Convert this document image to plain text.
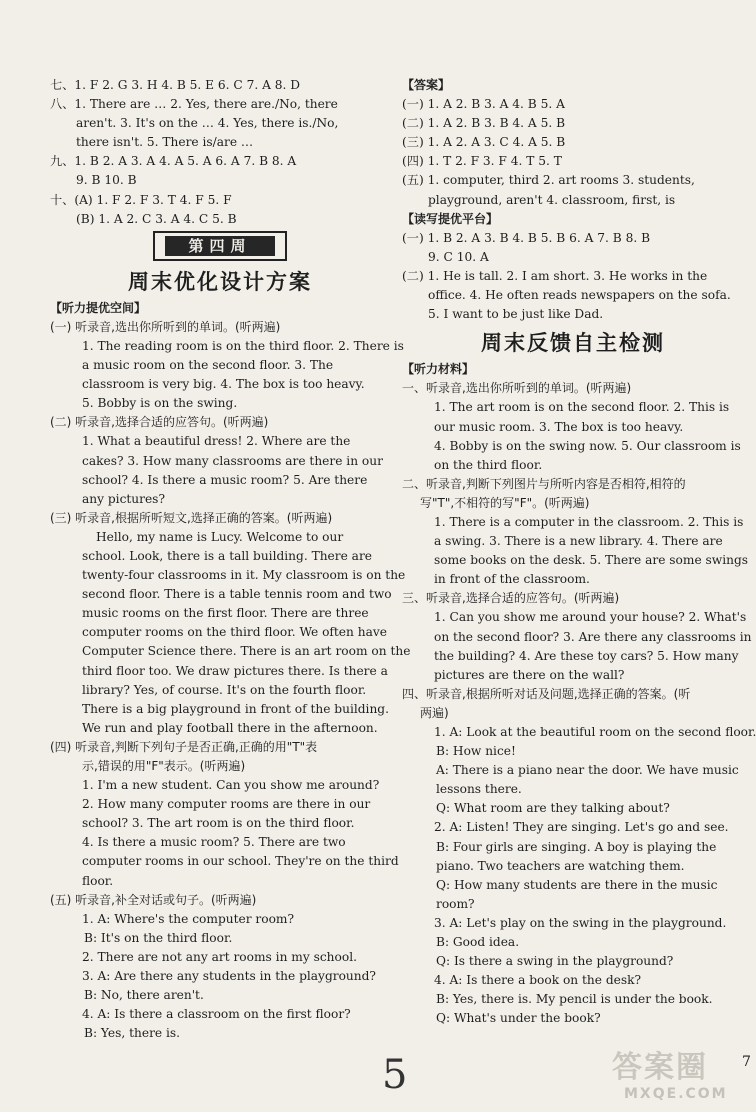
七、1. F 2. G 3. H 4. B 5. E 6. C 7. A 8. D
八、1. There are … 2. Yes, there are./No, there
aren't. 3. It's on the … 4. Yes, there is./No,
there isn't. 5. There is/are …
九、1. B 2. A 3. A 4. A 5. A 6. A 7. B 8. A
9. B 10. B
十、(A) 1. F 2. F 3. T 4. F 5. F
(B) 1. A 2. C 3. A 4. C 5. B
第四周
周末优化设计方案
【听力提优空间】
(一) 听录音,选出你所听到的单词。(听两遍)
1. The reading room is on the third floor. 2. There is
a music room on the second floor. 3. The
classroom is very big. 4. The box is too heavy.
5. Bobby is on the swing.
(二) 听录音,选择合适的应答句。(听两遍)
1. What a beautiful dress! 2. Where are the
cakes? 3. How many classrooms are there in our
school? 4. Is there a music room? 5. Are there
any pictures?
(三) 听录音,根据所听短文,选择正确的答案。(听两遍)
Hello, my name is Lucy. Welcome to our
school. Look, there is a tall building. There are
twenty-four classrooms in it. My classroom is on the
second floor. There is a table tennis room and two
music rooms on the first floor. There are three
computer rooms on the third floor. We often have
Computer Science there. There is an art room on the
third floor too. We draw pictures there. Is there a
library? Yes, of course. It's on the fourth floor.
There is a big playground in front of the building.
We run and play football there in the afternoon.
(四) 听录音,判断下列句子是否正确,正确的用"T"表
示,错误的用"F"表示。(听两遍)
1. I'm a new student. Can you show me around?
2. How many computer rooms are there in our
school? 3. The art room is on the third floor.
4. Is there a music room? 5. There are two
computer rooms in our school. They're on the third
floor.
(五) 听录音,补全对话或句子。(听两遍)
1. A: Where's the computer room?
B: It's on the third floor.
2. There are not any art rooms in my school.
3. A: Are there any students in the playground?
B: No, there aren't.
4. A: Is there a classroom on the first floor?
B: Yes, there is.
【答案】
(一) 1. A 2. B 3. A 4. B 5. A
(二) 1. A 2. B 3. B 4. A 5. B
(三) 1. A 2. A 3. C 4. A 5. B
(四) 1. T 2. F 3. F 4. T 5. T
(五) 1. computer, third 2. art rooms 3. students,
playground, aren't 4. classroom, first, is
【读写提优平台】
(一) 1. B 2. A 3. B 4. B 5. B 6. A 7. B 8. B
9. C 10. A
(二) 1. He is tall. 2. I am short. 3. He works in the
office. 4. He often reads newspapers on the sofa.
5. I want to be just like Dad.
周末反馈自主检测
【听力材料】
一、听录音,选出你所听到的单词。(听两遍)
1. The art room is on the second floor. 2. This is
our music room. 3. The box is too heavy.
4. Bobby is on the swing now. 5. Our classroom is
on the third floor.
二、听录音,判断下列图片与所听内容是否相符,相符的
写"T",不相符的写"F"。(听两遍)
1. There is a computer in the classroom. 2. This is
a swing. 3. There is a new library. 4. There are
some books on the desk. 5. There are some swings
in front of the classroom.
三、听录音,选择合适的应答句。(听两遍)
1. Can you show me around your house? 2. What's
on the second floor? 3. Are there any classrooms in
the building? 4. Are these toy cars? 5. How many
pictures are there on the wall?
四、听录音,根据所听对话及问题,选择正确的答案。(听
两遍)
1. A: Look at the beautiful room on the second floor.
B: How nice!
A: There is a piano near the door. We have music
lessons there.
Q: What room are they talking about?
2. A: Listen! They are singing. Let's go and see.
B: Four girls are singing. A boy is playing the
piano. Two teachers are watching them.
Q: How many students are there in the music
room?
3. A: Let's play on the swing in the playground.
B: Good idea.
Q: Is there a swing in the playground?
4. A: Is there a book on the desk?
B: Yes, there is. My pencil is under the book.
Q: What's under the book?
5	答案圈
MXQE.COM
7
